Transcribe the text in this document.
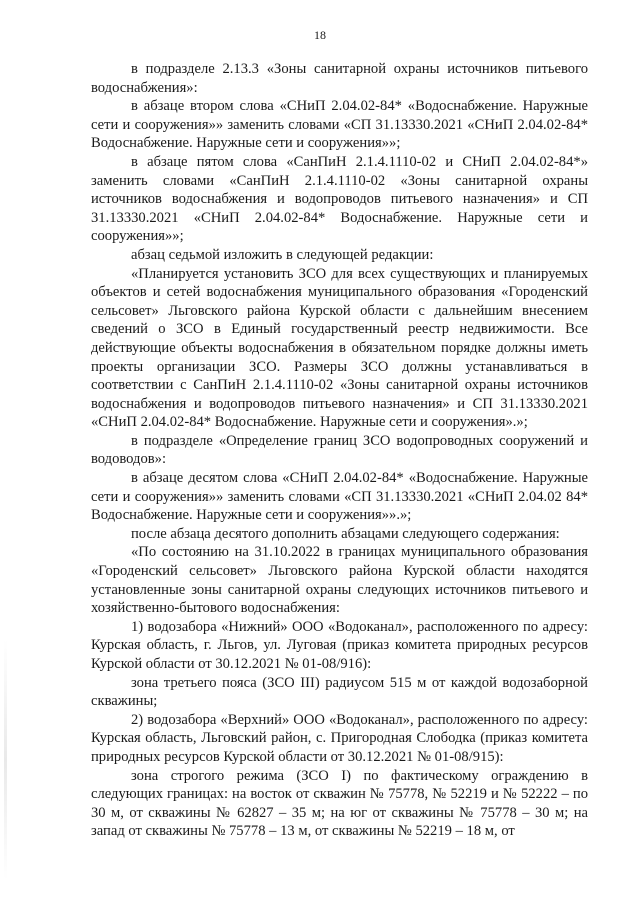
18

в подразделе 2.13.3 «Зоны санитарной охраны источников питьевого водоснабжения»:

в абзаце втором слова «СНиП 2.04.02-84* «Водоснабжение. Наружные сети и сооружения»» заменить словами «СП 31.13330.2021 «СНиП 2.04.02-84* Водоснабжение. Наружные сети и сооружения»»;

в абзаце пятом слова «СанПиН 2.1.4.1110-02 и СНиП 2.04.02-84*» заменить словами «СанПиН 2.1.4.1110-02 «Зоны санитарной охраны источников водоснабжения и водопроводов питьевого назначения» и СП 31.13330.2021 «СНиП 2.04.02-84* Водоснабжение. Наружные сети и сооружения»»;

абзац седьмой изложить в следующей редакции:

«Планируется установить ЗСО для всех существующих и планируемых объектов и сетей водоснабжения муниципального образования «Городенский сельсовет» Льговского района Курской области с дальнейшим внесением сведений о ЗСО в Единый государственный реестр недвижимости. Все действующие объекты водоснабжения в обязательном порядке должны иметь проекты организации ЗСО. Размеры ЗСО должны устанавливаться в соответствии с СанПиН 2.1.4.1110-02 «Зоны санитарной охраны источников водоснабжения и водопроводов питьевого назначения» и СП 31.13330.2021 «СНиП 2.04.02-84* Водоснабжение. Наружные сети и сооружения».»;

в подразделе «Определение границ ЗСО водопроводных сооружений и водоводов»:

в абзаце десятом слова «СНиП 2.04.02-84* «Водоснабжение. Наружные сети и сооружения»» заменить словами «СП 31.13330.2021 «СНиП 2.04.02 84* Водоснабжение. Наружные сети и сооружения»».»;

после абзаца десятого дополнить абзацами следующего содержания:

«По состоянию на 31.10.2022 в границах муниципального образования «Городенский сельсовет» Льговского района Курской области находятся установленные зоны санитарной охраны следующих источников питьевого и хозяйственно-бытового водоснабжения:

1) водозабора «Нижний» ООО «Водоканал», расположенного по адресу: Курская область, г. Льгов, ул. Луговая (приказ комитета природных ресурсов Курской области от 30.12.2021 № 01-08/916):

зона третьего пояса (ЗСО III) радиусом 515 м от каждой водозаборной скважины;

2) водозабора «Верхний» ООО «Водоканал», расположенного по адресу: Курская область, Льговский район, с. Пригородная Слободка (приказ комитета природных ресурсов Курской области от 30.12.2021 № 01-08/915):

зона строгого режима (ЗСО I) по фактическому ограждению в следующих границах: на восток от скважин № 75778, № 52219 и № 52222 – по 30 м, от скважины № 62827 – 35 м; на юг от скважины № 75778 – 30 м; на запад от скважины № 75778 – 13 м, от скважины № 52219 – 18 м, от
